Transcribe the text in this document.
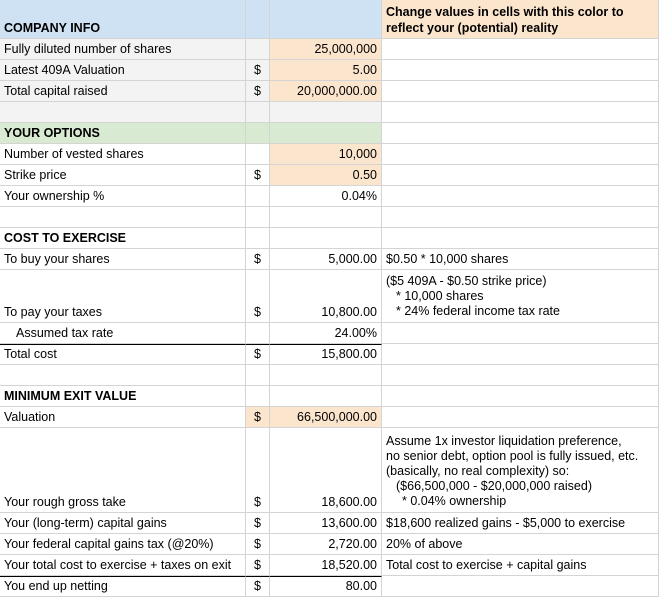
COMPANY INFO
Change values in cells with this color to reflect your (potential) reality
Fully diluted number of shares	25,000,000
Latest 409A Valuation	$	5.00
Total capital raised	$	20,000,000.00
YOUR OPTIONS
Number of vested shares	10,000
Strike price	$	0.50
Your ownership %	0.04%
COST TO EXERCISE
To buy your shares	$	5,000.00 $0.50 * 10,000 shares
To pay your taxes	$	10,800.00
($5 409A - $0.50 strike price)
* 10,000 shares
* 24% federal income tax rate
Assumed tax rate	24.00%
Total cost	$	15,800.00
MINIMUM EXIT VALUE
Valuation	$	66,500,000.00
Your rough gross take	$	18,600.00
Assume 1x investor liquidation preference,
no senior debt, option pool is fully issued, etc.
(basically, no real complexity) so:
($66,500,000 - $20,000,000 raised)
* 0.04% ownership
Your (long-term) capital gains	$	13,600.00 $18,600 realized gains - $5,000 to exercise
Your federal capital gains tax (@20%)	$	2,720.00 20% of above
Your total cost to exercise + taxes on exit	$	18,520.00 Total cost to exercise + capital gains
You end up netting	$	80.00
